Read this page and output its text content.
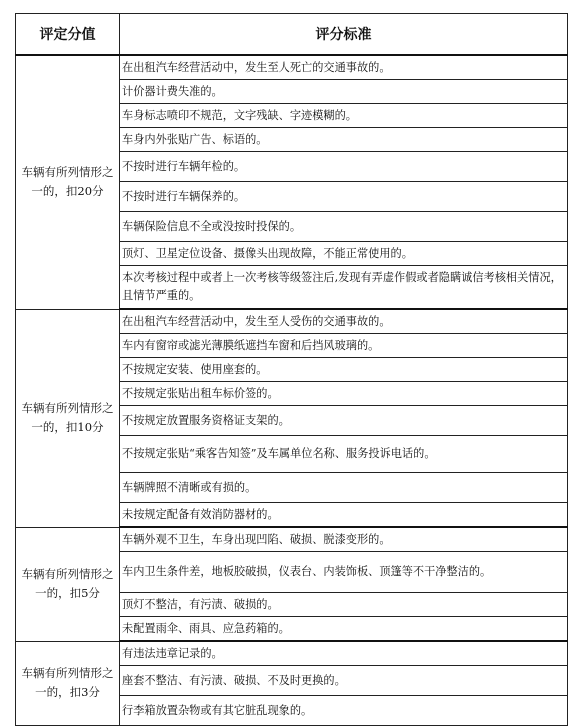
评定分值	评分标准
车辆有所列情形之一的，扣20分	在出租汽车经营活动中，发生至人死亡的交通事故的。
	计价器计费失准的。
	车身标志喷印不规范，文字残缺、字迹模糊的。
	车身内外张贴广告、标语的。
	不按时进行车辆年检的。
	不按时进行车辆保养的。
	车辆保险信息不全或没按时投保的。
	顶灯、卫星定位设备、摄像头出现故障，不能正常使用的。
	本次考核过程中或者上一次考核等级签注后,发现有弄虚作假或者隐瞒诚信考核相关情况，且情节严重的。
车辆有所列情形之一的，扣10分	在出租汽车经营活动中，发生至人受伤的交通事故的。
	车内有窗帘或滤光薄膜纸遮挡车窗和后挡风玻璃的。
	不按规定安装、使用座套的。
	不按规定张贴出租车标价签的。
	不按规定放置服务资格证支架的。
	不按规定张贴“乘客告知签”及车属单位名称、服务投诉电话的。
	车辆牌照不清晰或有损的。
	未按规定配备有效消防器材的。
车辆有所列情形之一的，扣5分	车辆外观不卫生，车身出现凹陷、破损、脱漆变形的。
	车内卫生条件差，地板胶破损，仪表台、内装饰板、顶篷等不干净整洁的。
	顶灯不整洁，有污渍、破损的。
	未配置雨伞、雨具、应急药箱的。
车辆有所列情形之一的，扣3分	有违法违章记录的。
	座套不整洁、有污渍、破损、不及时更换的。
	行李箱放置杂物或有其它脏乱现象的。
